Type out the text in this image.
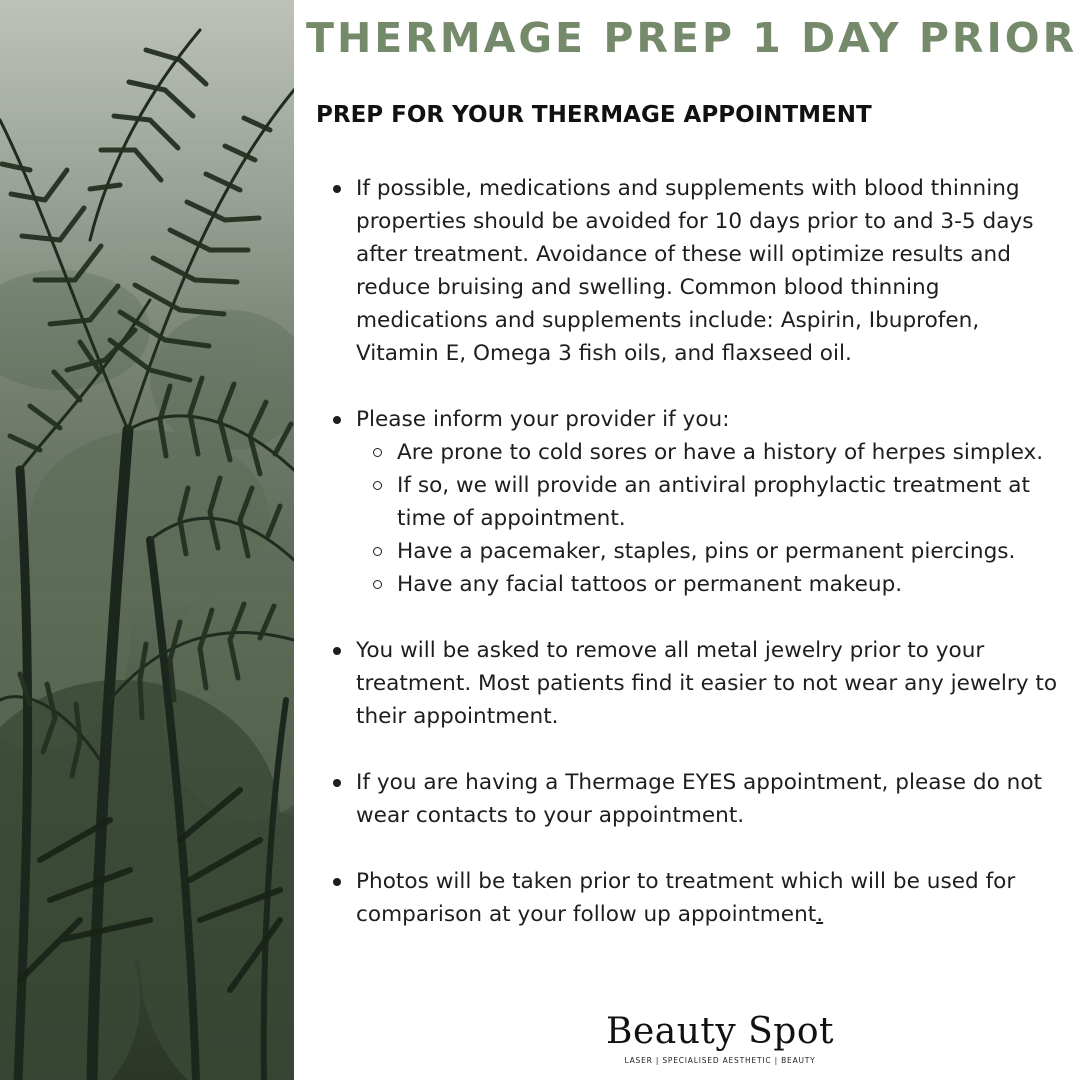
THERMAGE PREP 1 DAY PRIOR
PREP FOR YOUR THERMAGE APPOINTMENT
If possible, medications and supplements with blood thinning properties should be avoided for 10 days prior to and 3-5 days after treatment. Avoidance of these will optimize results and reduce bruising and swelling. Common blood thinning medications and supplements include: Aspirin, Ibuprofen, Vitamin E, Omega 3 fish oils, and flaxseed oil.
Please inform your provider if you:
Are prone to cold sores or have a history of herpes simplex.
If so, we will provide an antiviral prophylactic treatment at time of appointment.
Have a pacemaker, staples, pins or permanent piercings.
Have any facial tattoos or permanent makeup.
You will be asked to remove all metal jewelry prior to your treatment. Most patients find it easier to not wear any jewelry to their appointment.
If you are having a Thermage EYES appointment, please do not wear contacts to your appointment.
Photos will be taken prior to treatment which will be used for comparison at your follow up appointment.
Beauty Spot
LASER | SPECIALISED AESTHETIC | BEAUTY
